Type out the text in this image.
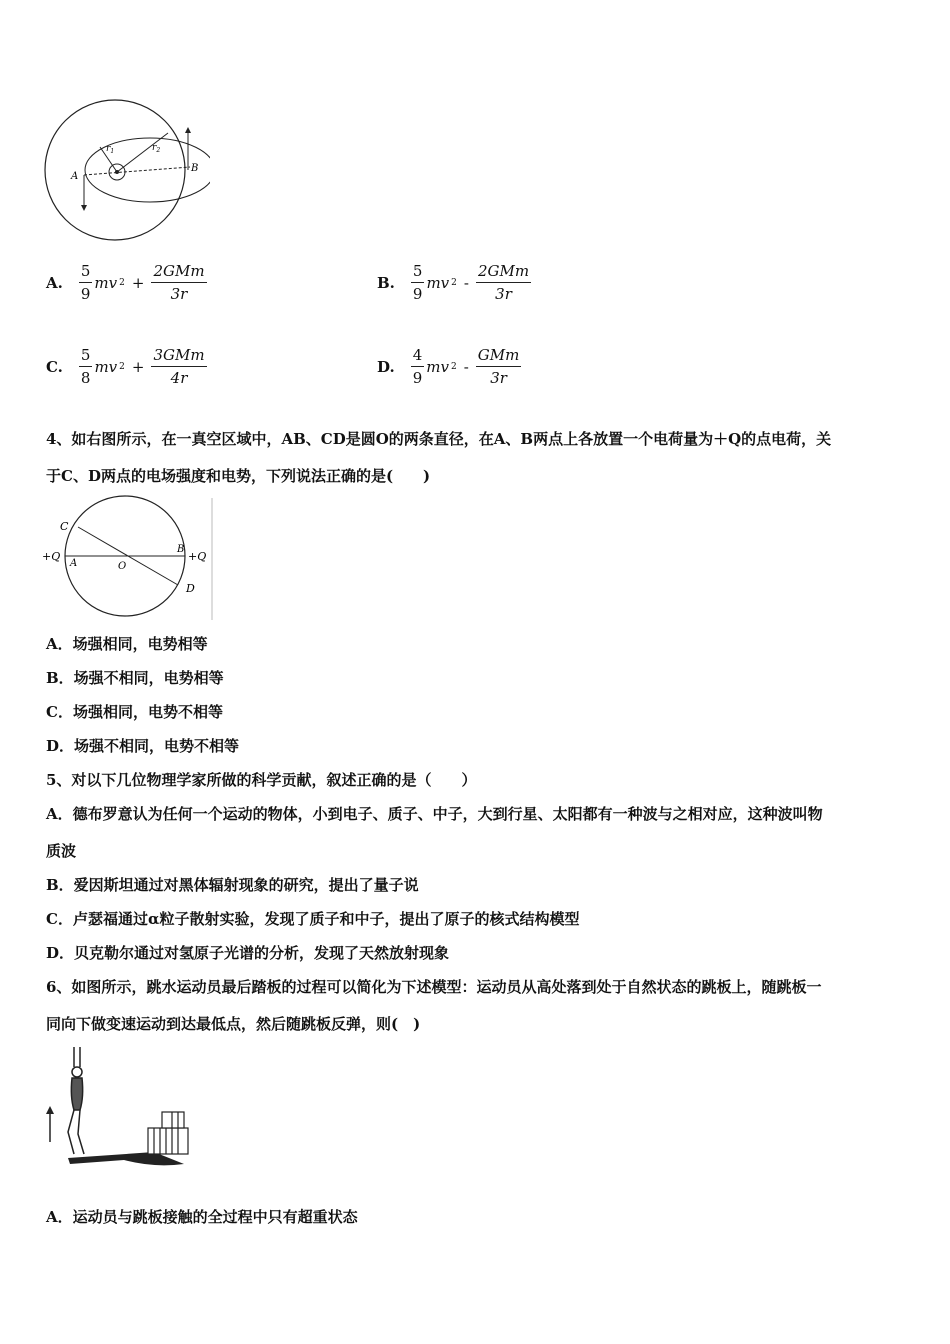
$r_1$	$r_2$
A
B
A. $\frac{5}{9}$ mv $2 + \frac{\text{2GMm}}{3r}$	B. $\frac{5}{9}$ mv $2 - \frac{\text{2GMm}}{3r}$
C. $\frac{5}{8}$ mv $2 + \frac{\text{3GMm}}{4r}$	D. $\frac{4}{9}$ mv $2 - \frac{\text{GMm}}{3r}$
4、如右图所示，在一真空区域中，AB、CD是圆O的两条直径，在A、B两点上各放置一个电荷量为＋Q的点电荷，关
于C、D两点的电场强度和电势，下列说法正确的是(　　)
C
D
A
B
O
+Q	+Q
A．场强相同，电势相等
B．场强不相同，电势相等
C．场强相同，电势不相等
D．场强不相同，电势不相等
5、对以下几位物理学家所做的科学贡献，叙述正确的是（　　）
A．德布罗意认为任何一个运动的物体，小到电子、质子、中子，大到行星、太阳都有一种波与之相对应，这种波叫物
质波
B．爱因斯坦通过对黑体辐射现象的研究，提出了量子说
C．卢瑟福通过α粒子散射实验，发现了质子和中子，提出了原子的核式结构模型
D．贝克勒尔通过对氢原子光谱的分析，发现了天然放射现象
6、如图所示，跳水运动员最后踏板的过程可以简化为下述模型：运动员从高处落到处于自然状态的跳板上，随跳板一
同向下做变速运动到达最低点，然后随跳板反弹，则(　)
A．运动员与跳板接触的全过程中只有超重状态
